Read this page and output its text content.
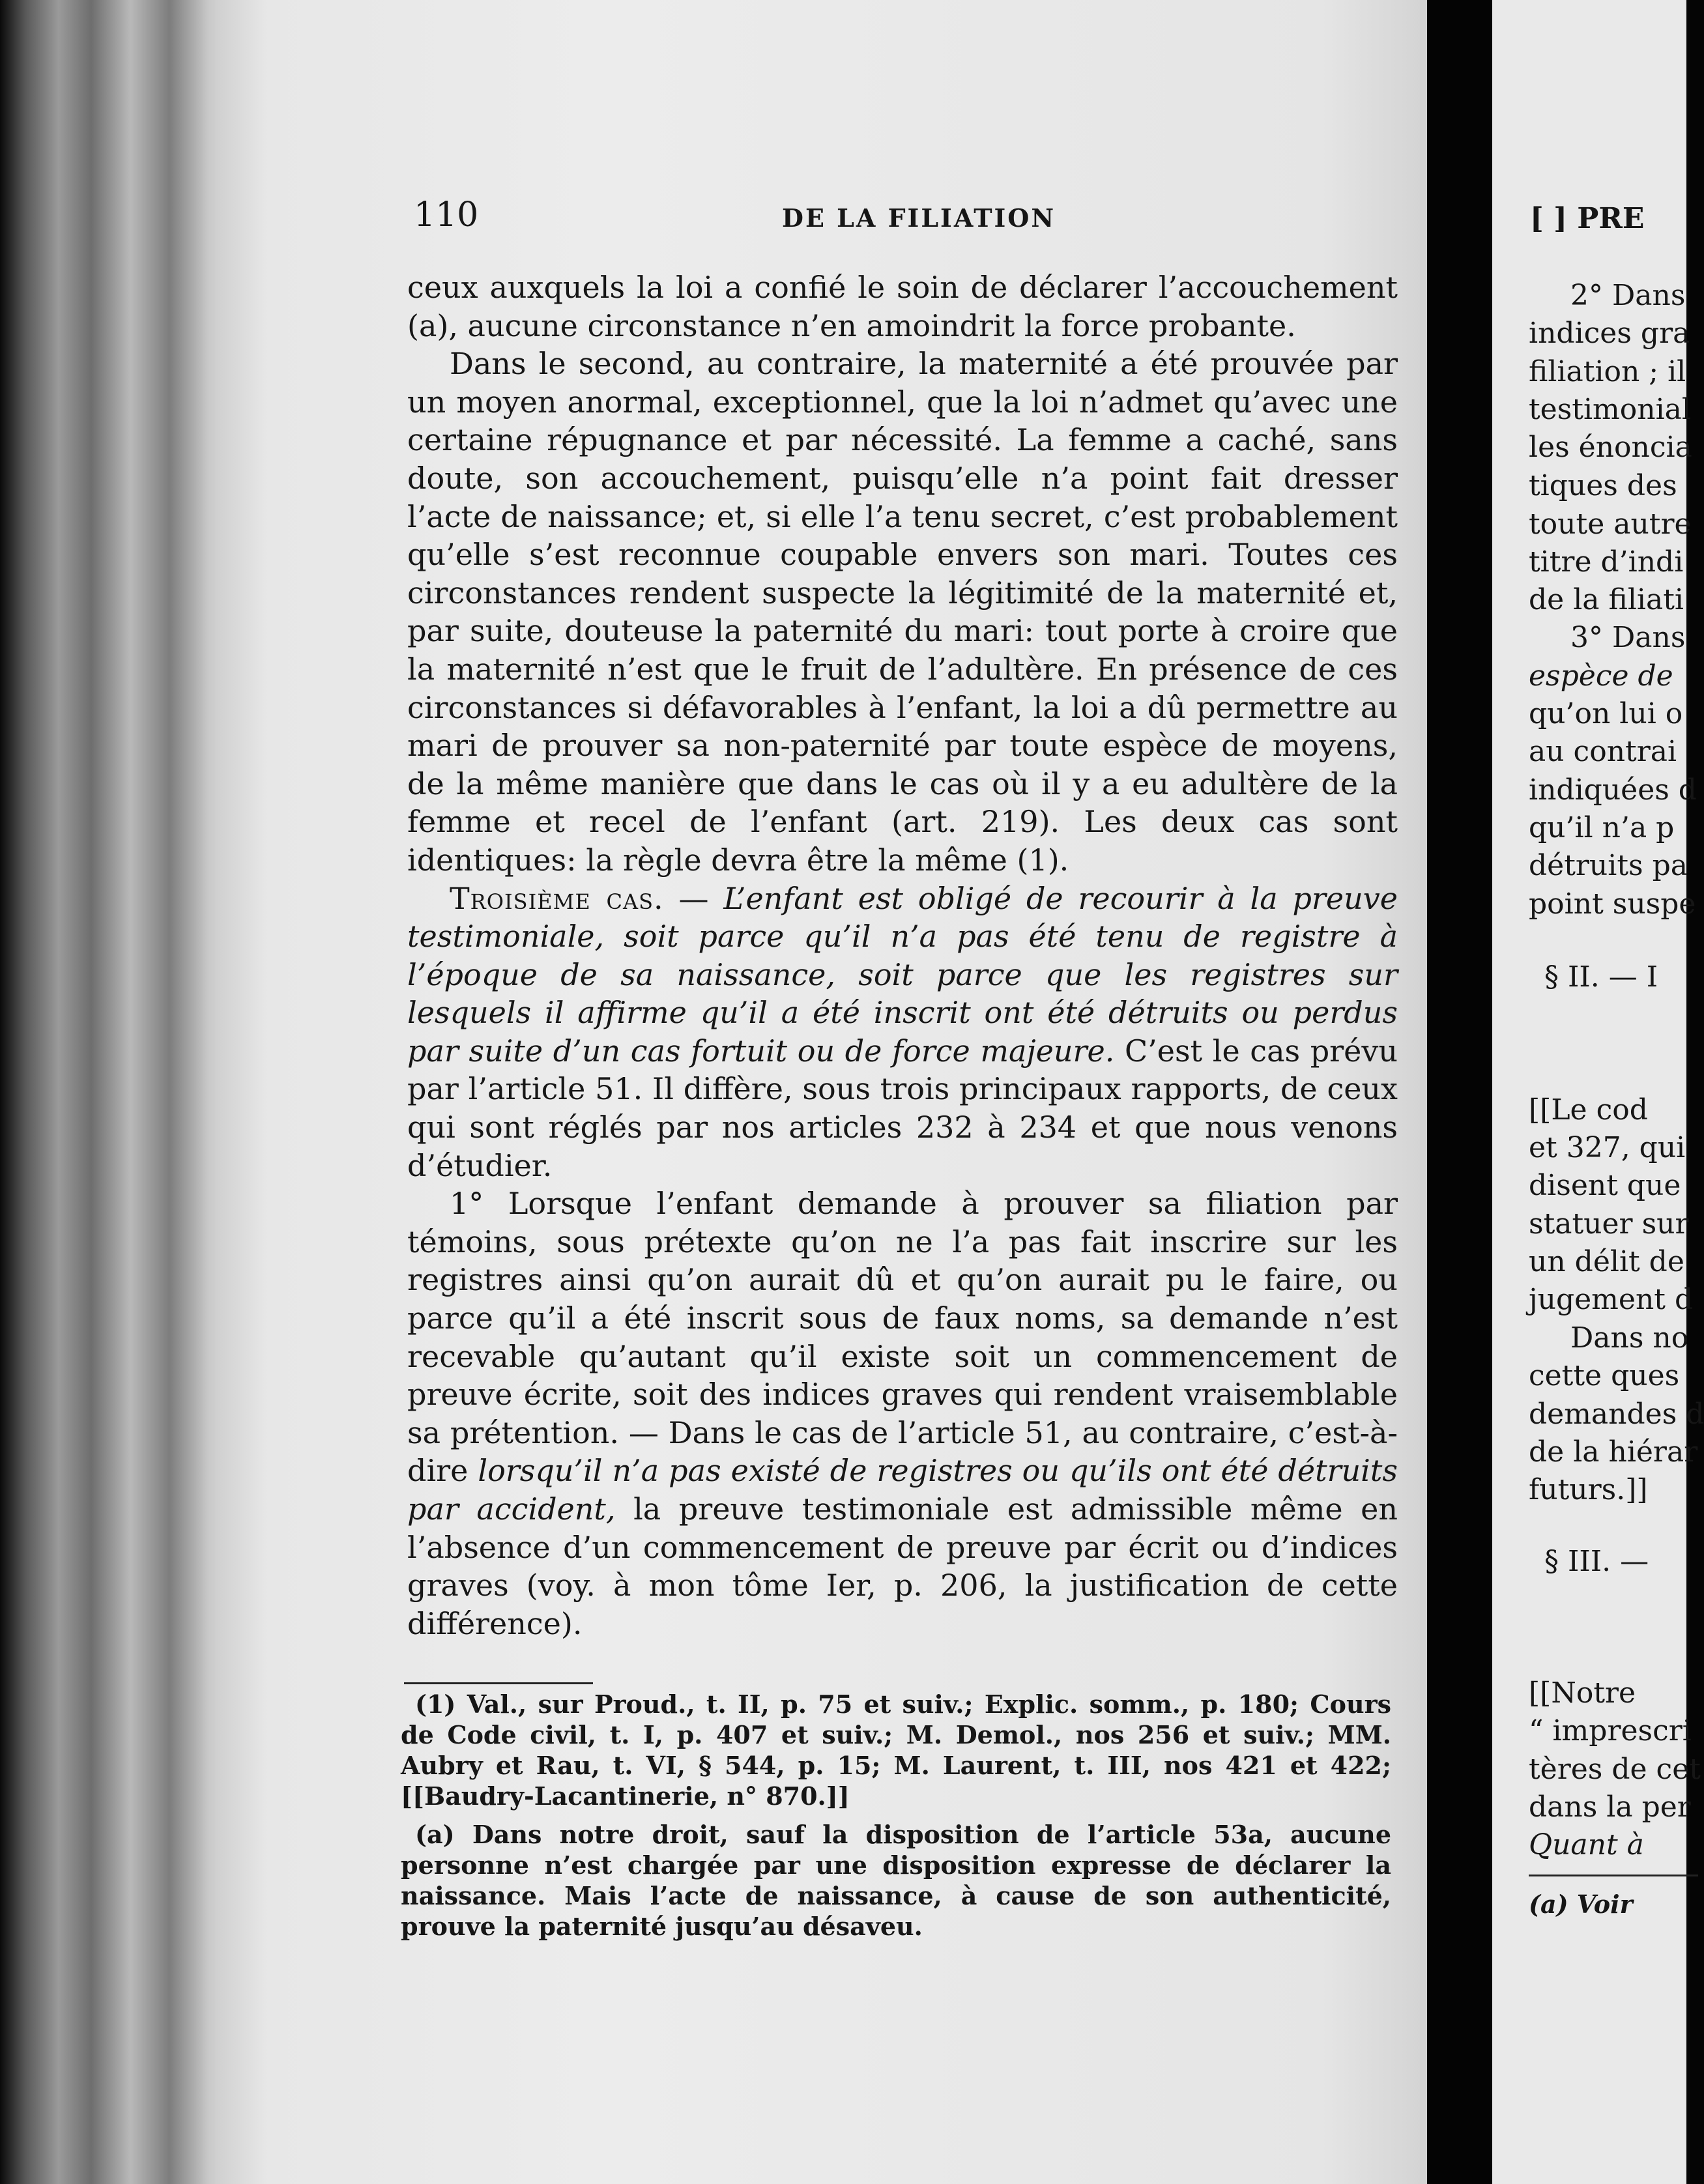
110	DE LA FILIATION

ceux auxquels la loi a confié le soin de déclarer l’accouchement (a), aucune circonstance n’en amoindrit la force probante.

Dans le second, au contraire, la maternité a été prouvée par un moyen anormal, exceptionnel, que la loi n’admet qu’avec une certaine répugnance et par nécessité. La femme a caché, sans doute, son accouchement, puisqu’elle n’a point fait dresser l’acte de naissance; et, si elle l’a tenu secret, c’est probablement qu’elle s’est reconnue coupable envers son mari. Toutes ces circonstances rendent suspecte la légitimité de la maternité et, par suite, douteuse la paternité du mari: tout porte à croire que la maternité n’est que le fruit de l’adultère. En présence de ces circonstances si défavorables à l’enfant, la loi a dû permettre au mari de prouver sa non-paternité par toute espèce de moyens, de la même manière que dans le cas où il y a eu adultère de la femme et recel de l’enfant (art. 219). Les deux cas sont identiques: la règle devra être la même (1).

Troisième cas. — L’enfant est obligé de recourir à la preuve testimoniale, soit parce qu’il n’a pas été tenu de registre à l’époque de sa naissance, soit parce que les registres sur lesquels il affirme qu’il a été inscrit ont été détruits ou perdus par suite d’un cas fortuit ou de force majeure. C’est le cas prévu par l’article 51. Il diffère, sous trois principaux rapports, de ceux qui sont réglés par nos articles 232 à 234 et que nous venons d’étudier.

1° Lorsque l’enfant demande à prouver sa filiation par témoins, sous prétexte qu’on ne l’a pas fait inscrire sur les registres ainsi qu’on aurait dû et qu’on aurait pu le faire, ou parce qu’il a été inscrit sous de faux noms, sa demande n’est recevable qu’autant qu’il existe soit un commencement de preuve écrite, soit des indices graves qui rendent vraisemblable sa prétention. — Dans le cas de l’article 51, au contraire, c’est-à-dire lorsqu’il n’a pas existé de registres ou qu’ils ont été détruits par accident, la preuve testimoniale est admissible même en l’absence d’un commencement de preuve par écrit ou d’indices graves (voy. à mon tôme Ier, p. 206, la justification de cette différence).

(1) Val., sur Proud., t. II, p. 75 et suiv.; Explic. somm., p. 180; Cours de Code civil, t. I, p. 407 et suiv.; M. Demol., nos 256 et suiv.; MM. Aubry et Rau, t. VI, § 544, p. 15; M. Laurent, t. III, nos 421 et 422; [[Baudry-Lacantinerie, n° 870.]]

(a) Dans notre droit, sauf la disposition de l’article 53a, aucune personne n’est chargée par une disposition expresse de déclarer la naissance. Mais l’acte de naissance, à cause de son authenticité, prouve la paternité jusqu’au désaveu.

[ ] PRE
2° Dans
indices gra
filiation ; il
testimonial
les énoncia
tiques des
toute autre
titre d’indi
de la filiati
3° Dans
espèce de
qu’on lui o
au contrai
indiquées d
qu’il n’a p
détruits pa
point suspe
§ II. — I
[[Le cod
et 327, qui
disent que
statuer sur
un délit de
jugement d
Dans no
cette ques
demandes d
de la hiérar
futurs.]]
§ III. —
[[Notre
“ imprescri
tères de cet
dans la per
Quant à
(a) Voir
